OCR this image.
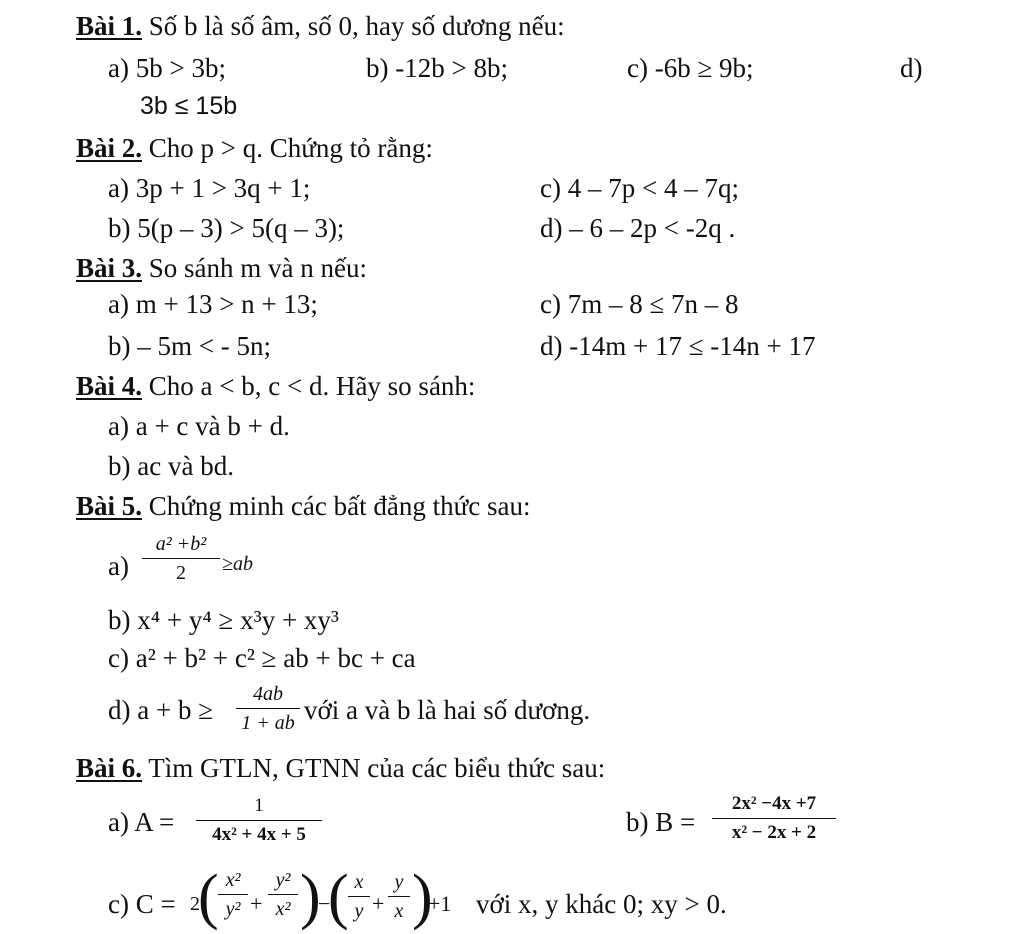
Bài 1. Số b là số âm, số 0, hay số dương nếu:
a) 5b > 3b;	b) -12b > 8b;	c) -6b ≥ 9b;	d)
3b ≤ 15b
Bài 2. Cho p > q. Chứng tỏ rằng:
a) 3p + 1 > 3q + 1;	c) 4 – 7p < 4 – 7q;
b) 5(p – 3) > 5(q – 3);	d) – 6 – 2p < -2q .
Bài 3. So sánh m và n nếu:
a) m + 13 > n + 13;	c) 7m – 8 ≤ 7n – 8
b) – 5m < - 5n;	d) -14m + 17 ≤ -14n + 17
Bài 4. Cho a < b, c < d. Hãy so sánh:
a) a + c và b + d.
b) ac và bd.
Bài 5. Chứng minh các bất đẳng thức sau:
a)
a² +b²
2	≥ab
b) x⁴ + y⁴ ≥ x³y + xy³
c) a² + b² + c² ≥ ab + bc + ca
d) a + b ≥
4ab
1 + ab với a và b là hai số dương.
Bài 6. Tìm GTLN, GTNN của các biểu thức sau:
a) A =
1
4x² + 4x + 5	b) B =
2x² −4x +7
x² − 2x + 2
c) C = 2
( x²
y² +
y²
x² )
−
( x
y +
y
x )
+1 với x, y khác 0; xy > 0.
